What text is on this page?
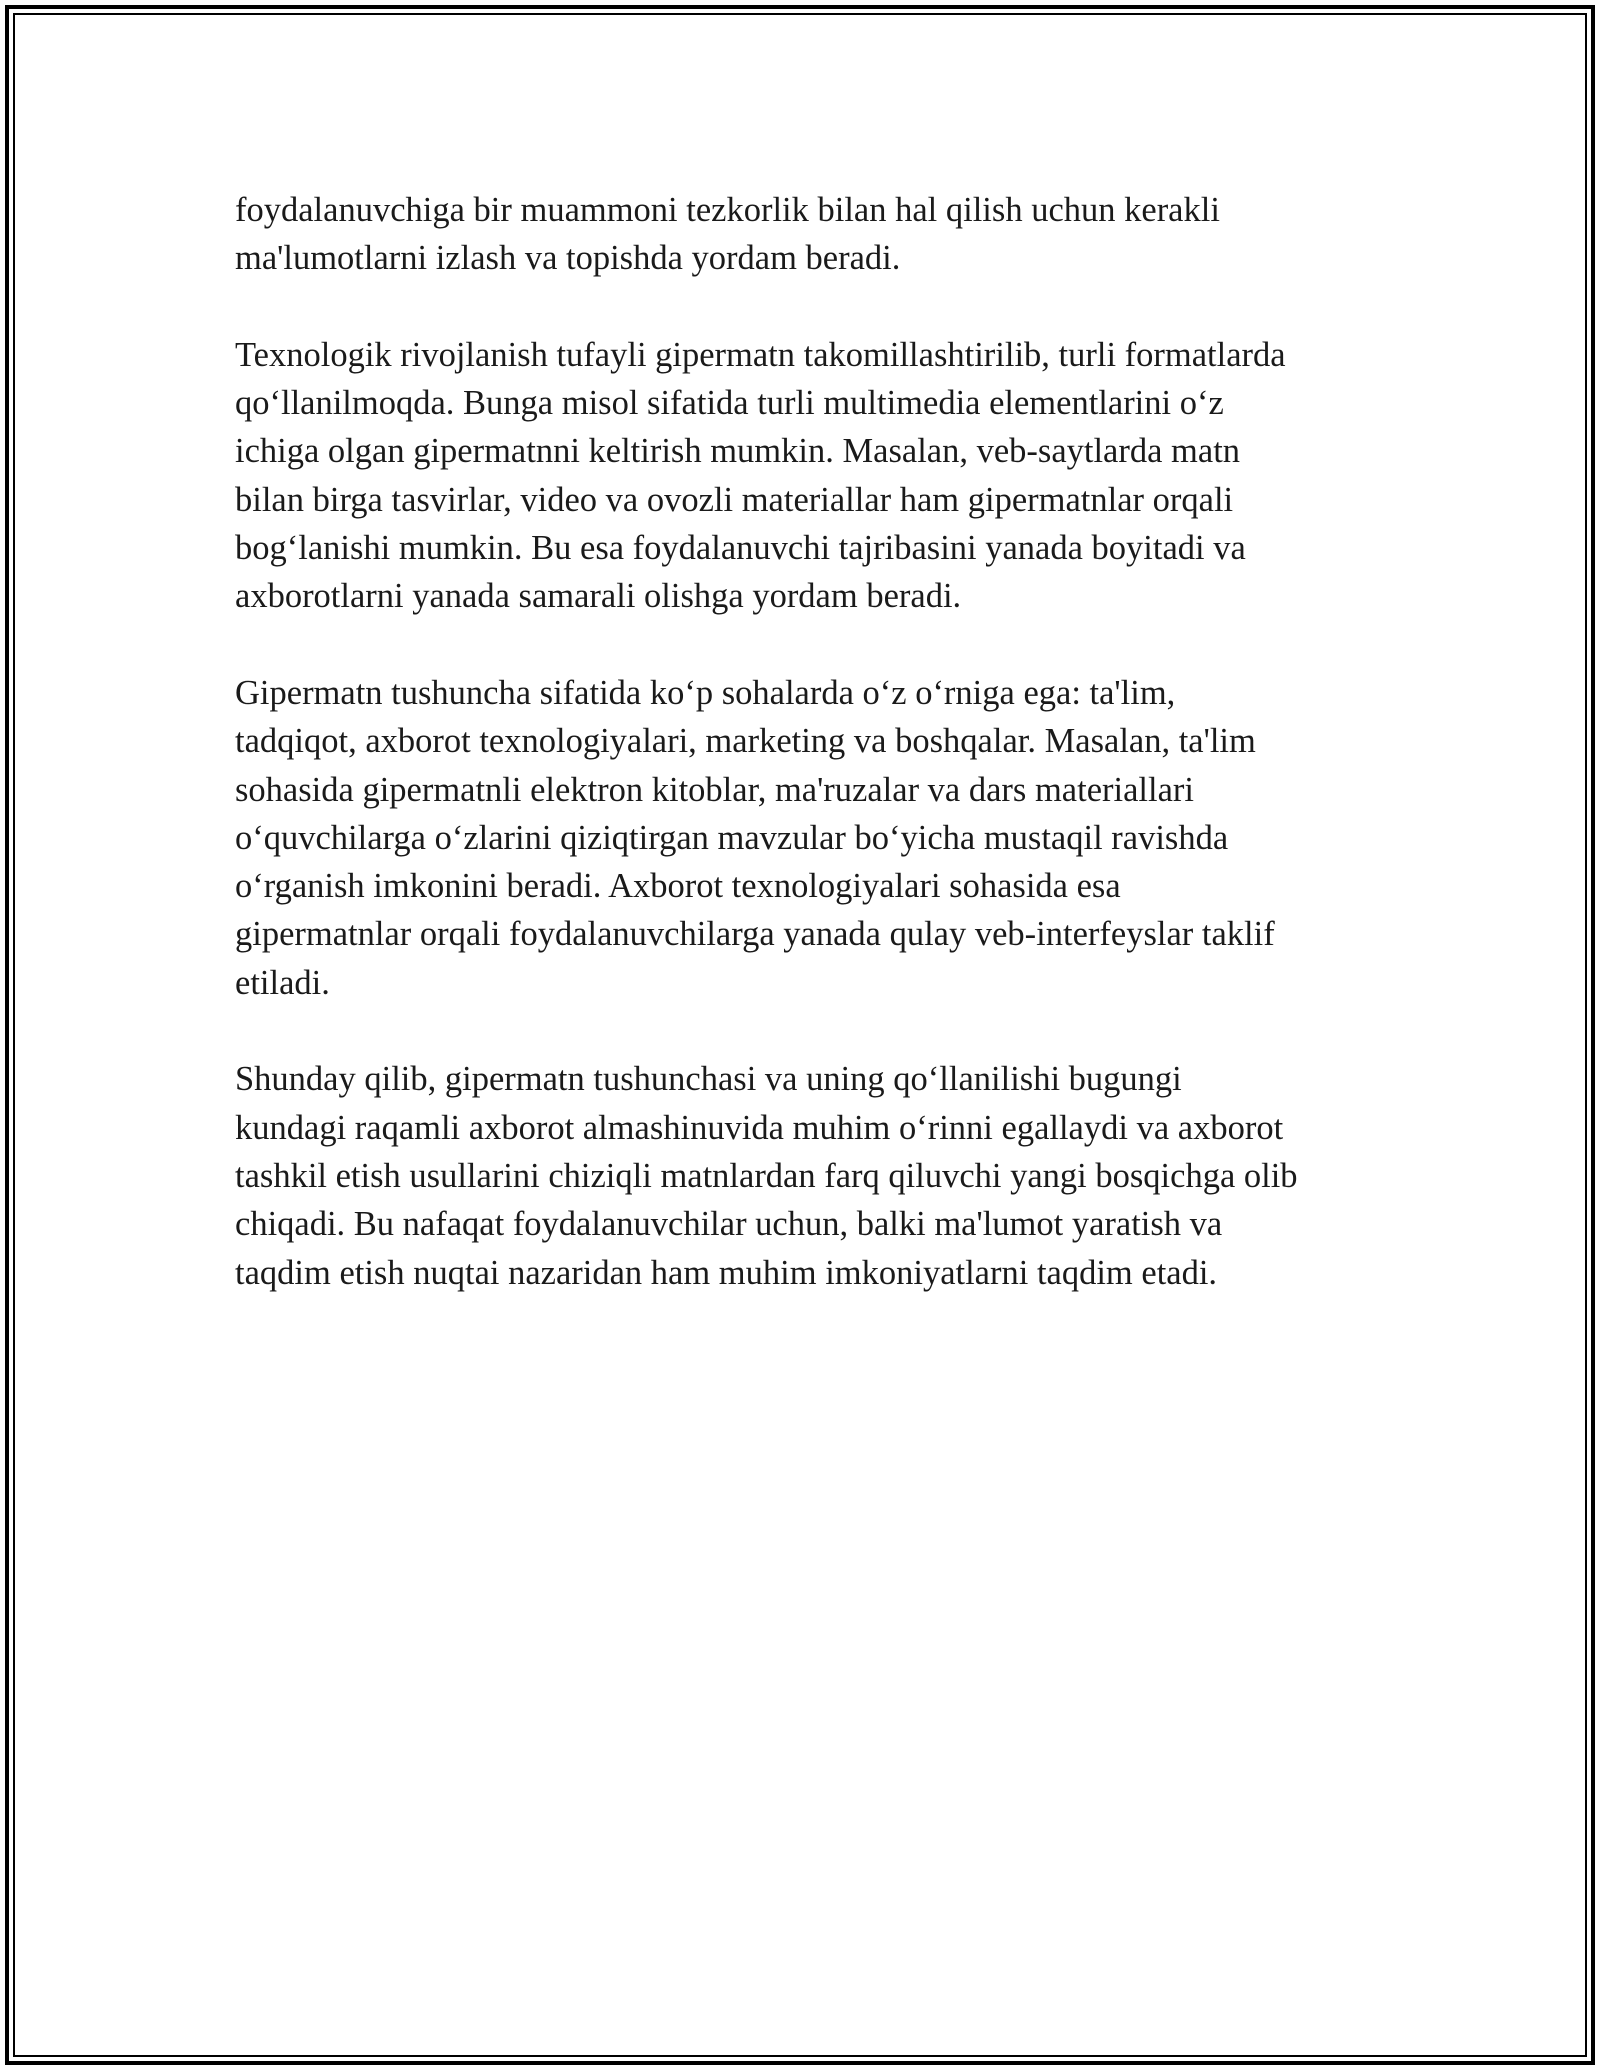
foydalanuvchiga bir muammoni tezkorlik bilan hal qilish uchun kerakli
ma'lumotlarni izlash va topishda yordam beradi.

Texnologik rivojlanish tufayli gipermatn takomillashtirilib, turli formatlarda
qo‘llanilmoqda. Bunga misol sifatida turli multimedia elementlarini o‘z
ichiga olgan gipermatnni keltirish mumkin. Masalan, veb-saytlarda matn
bilan birga tasvirlar, video va ovozli materiallar ham gipermatnlar orqali
bog‘lanishi mumkin. Bu esa foydalanuvchi tajribasini yanada boyitadi va
axborotlarni yanada samarali olishga yordam beradi.

Gipermatn tushuncha sifatida ko‘p sohalarda o‘z o‘rniga ega: ta'lim,
tadqiqot, axborot texnologiyalari, marketing va boshqalar. Masalan, ta'lim
sohasida gipermatnli elektron kitoblar, ma'ruzalar va dars materiallari
o‘quvchilarga o‘zlarini qiziqtirgan mavzular bo‘yicha mustaqil ravishda
o‘rganish imkonini beradi. Axborot texnologiyalari sohasida esa
gipermatnlar orqali foydalanuvchilarga yanada qulay veb-interfeyslar taklif
etiladi.

Shunday qilib, gipermatn tushunchasi va uning qo‘llanilishi bugungi
kundagi raqamli axborot almashinuvida muhim o‘rinni egallaydi va axborot
tashkil etish usullarini chiziqli matnlardan farq qiluvchi yangi bosqichga olib
chiqadi. Bu nafaqat foydalanuvchilar uchun, balki ma'lumot yaratish va
taqdim etish nuqtai nazaridan ham muhim imkoniyatlarni taqdim etadi.
